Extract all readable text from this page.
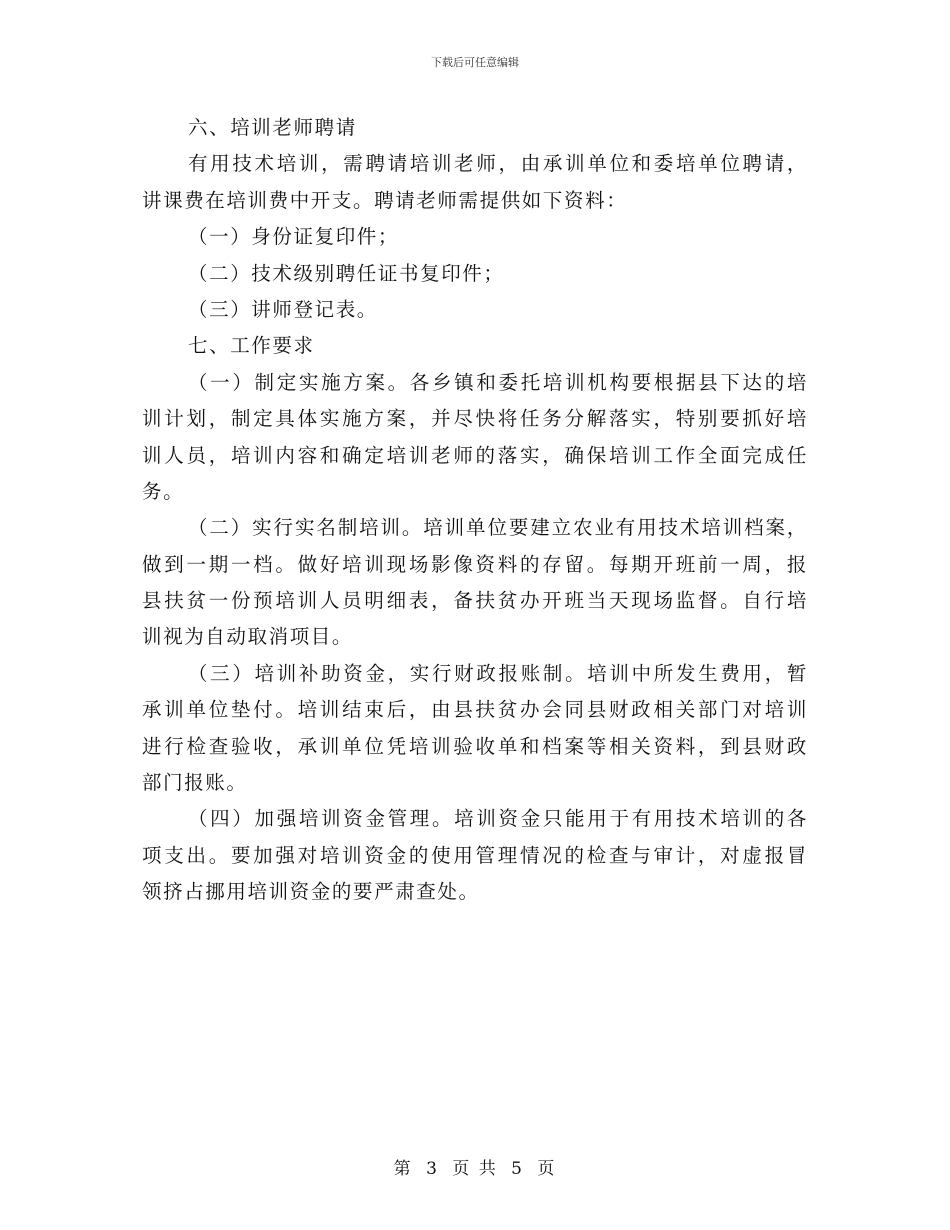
下载后可任意编辑
六、培训老师聘请
有用技术培训，需聘请培训老师，由承训单位和委培单位聘请，
讲课费在培训费中开支。聘请老师需提供如下资料：
（一）身份证复印件；
（二）技术级别聘任证书复印件；
（三）讲师登记表。
七、工作要求
（一）制定实施方案。各乡镇和委托培训机构要根据县下达的培
训计划，制定具体实施方案，并尽快将任务分解落实，特别要抓好培
训人员，培训内容和确定培训老师的落实，确保培训工作全面完成任
务。
（二）实行实名制培训。培训单位要建立农业有用技术培训档案，
做到一期一档。做好培训现场影像资料的存留。每期开班前一周，报
县扶贫一份预培训人员明细表，备扶贫办开班当天现场监督。自行培
训视为自动取消项目。
（三）培训补助资金，实行财政报账制。培训中所发生费用，暂
承训单位垫付。培训结束后，由县扶贫办会同县财政相关部门对培训
进行检查验收，承训单位凭培训验收单和档案等相关资料，到县财政
部门报账。
（四）加强培训资金管理。培训资金只能用于有用技术培训的各
项支出。要加强对培训资金的使用管理情况的检查与审计，对虚报冒
领挤占挪用培训资金的要严肃查处。
第 3 页 共 5 页
